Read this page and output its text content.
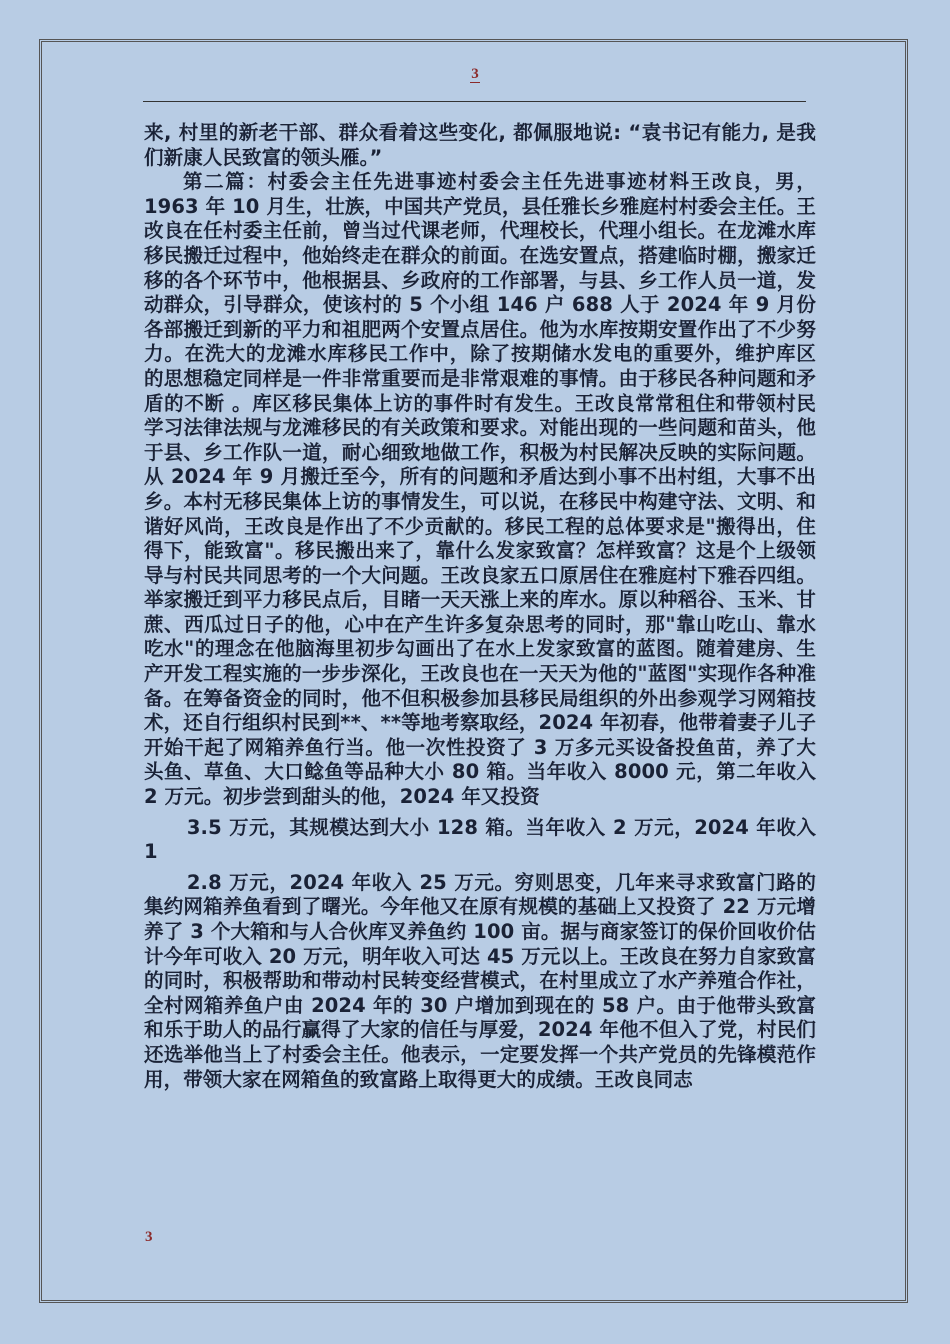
3

来, 村里的新老干部、群众看着这些变化, 都佩服地说: “袁书记有能力, 是我们新康人民致富的领头雁。”

第二篇：村委会主任先进事迹村委会主任先进事迹材料王改良，男，1963 年 10 月生，壮族，中国共产党员，县任雅长乡雅庭村村委会主任。王改良在任村委主任前，曾当过代课老师，代理校长，代理小组长。在龙滩水库移民搬迁过程中，他始终走在群众的前面。在选安置点，搭建临时棚，搬家迁移的各个环节中，他根据县、乡政府的工作部署，与县、乡工作人员一道，发动群众，引导群众，使该村的 5 个小组 146 户 688 人于 2024 年 9 月份各部搬迁到新的平力和祖肥两个安置点居住。他为水库按期安置作出了不少努力。在洗大的龙滩水库移民工作中，除了按期储水发电的重要外，维护库区 的思想稳定同样是一件非常重要而是非常艰难的事情。由于移民各种问题和矛盾的不断 。库区移民集体上访的事件时有发生。王改良常常租住和带领村民学习法律法规与龙滩移民的有关政策和要求。对能出现的一些问题和苗头，他于县、乡工作队一道，耐心细致地做工作，积极为村民解决反映的实际问题。从 2024 年 9 月搬迁至今，所有的问题和矛盾达到小事不出村组，大事不出乡。本村无移民集体上访的事情发生，可以说，在移民中构建守法、文明、和谐好风尚，王改良是作出了不少贡献的。移民工程的总体要求是"搬得出，住得下，能致富"。移民搬出来了，靠什么发家致富？怎样致富？这是个上级领导与村民共同思考的一个大问题。王改良家五口原居住在雅庭村下雅吞四组。举家搬迁到平力移民点后，目睹一天天涨上来的库水。原以种稻谷、玉米、甘蔗、西瓜过日子的他，心中在产生许多复杂思考的同时，那"靠山吃山、靠水吃水"的理念在他脑海里初步勾画出了在水上发家致富的蓝图。随着建房、生产开发工程实施的一步步深化，王改良也在一天天为他的"蓝图"实现作各种准备。在筹备资金的同时，他不但积极参加县移民局组织的外出参观学习网箱技术，还自行组织村民到**、**等地考察取经，2024 年初春，他带着妻子儿子开始干起了网箱养鱼行当。他一次性投资了 3 万多元买设备投鱼苗，养了大头鱼、草鱼、大口鲶鱼等品种大小 80 箱。当年收入 8000 元，第二年收入 2 万元。初步尝到甜头的他，2024 年又投资

3.5 万元，其规模达到大小 128 箱。当年收入 2 万元，2024 年收入 1

2.8 万元，2024 年收入 25 万元。穷则思变，几年来寻求致富门路的集约网箱养鱼看到了曙光。今年他又在原有规模的基础上又投资了 22 万元增养了 3 个大箱和与人合伙库叉养鱼约 100 亩。据与商家签订的保价回收价估计今年可收入 20 万元，明年收入可达 45 万元以上。王改良在努力自家致富的同时，积极帮助和带动村民转变经营模式，在村里成立了水产养殖合作社，全村网箱养鱼户由 2024 年的 30 户增加到现在的 58 户。由于他带头致富和乐于助人的品行赢得了大家的信任与厚爱，2024 年他不但入了党，村民们还选举他当上了村委会主任。他表示，一定要发挥一个共产党员的先锋模范作用，带领大家在网箱鱼的致富路上取得更大的成绩。王改良同志

3
